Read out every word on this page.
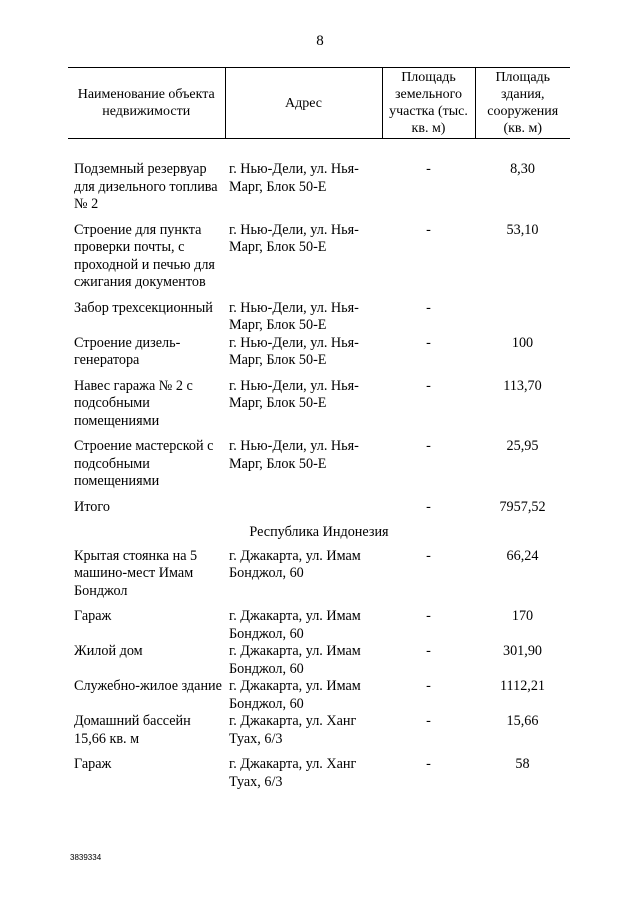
8
Наименование объекта недвижимости	Адрес	Площадь земельного участка (тыс. кв. м)	Площадь здания, сооружения (кв. м)

Подземный резервуар для дизельного топлива № 2	г. Нью-Дели, ул. Нья-Марг, Блок 50-Е	-	8,30
Строение для пункта проверки почты, с проходной и печью для сжигания документов	г. Нью-Дели, ул. Нья-Марг, Блок 50-Е	-	53,10
Забор трехсекционный	г. Нью-Дели, ул. Нья-Марг, Блок 50-Е	-	
Строение дизель-генератора	г. Нью-Дели, ул. Нья-Марг, Блок 50-Е	-	100
Навес гаража № 2 с подсобными помещениями	г. Нью-Дели, ул. Нья-Марг, Блок 50-Е	-	113,70
Строение мастерской с подсобными помещениями	г. Нью-Дели, ул. Нья-Марг, Блок 50-Е	-	25,95
Итого		-	7957,52
Республика Индонезия			
Крытая стоянка на 5 машино-мест Имам Бонджол	г. Джакарта, ул. Имам Бонджол, 60	-	66,24
Гараж	г. Джакарта, ул. Имам Бонджол, 60	-	170
Жилой дом	г. Джакарта, ул. Имам Бонджол, 60	-	301,90
Служебно-жилое здание	г. Джакарта, ул. Имам Бонджол, 60	-	1112,21
Домашний бассейн 15,66 кв. м	г. Джакарта, ул. Ханг Туах, 6/3	-	15,66
Гараж	г. Джакарта, ул. Ханг Туах, 6/3	-	58
3839334
